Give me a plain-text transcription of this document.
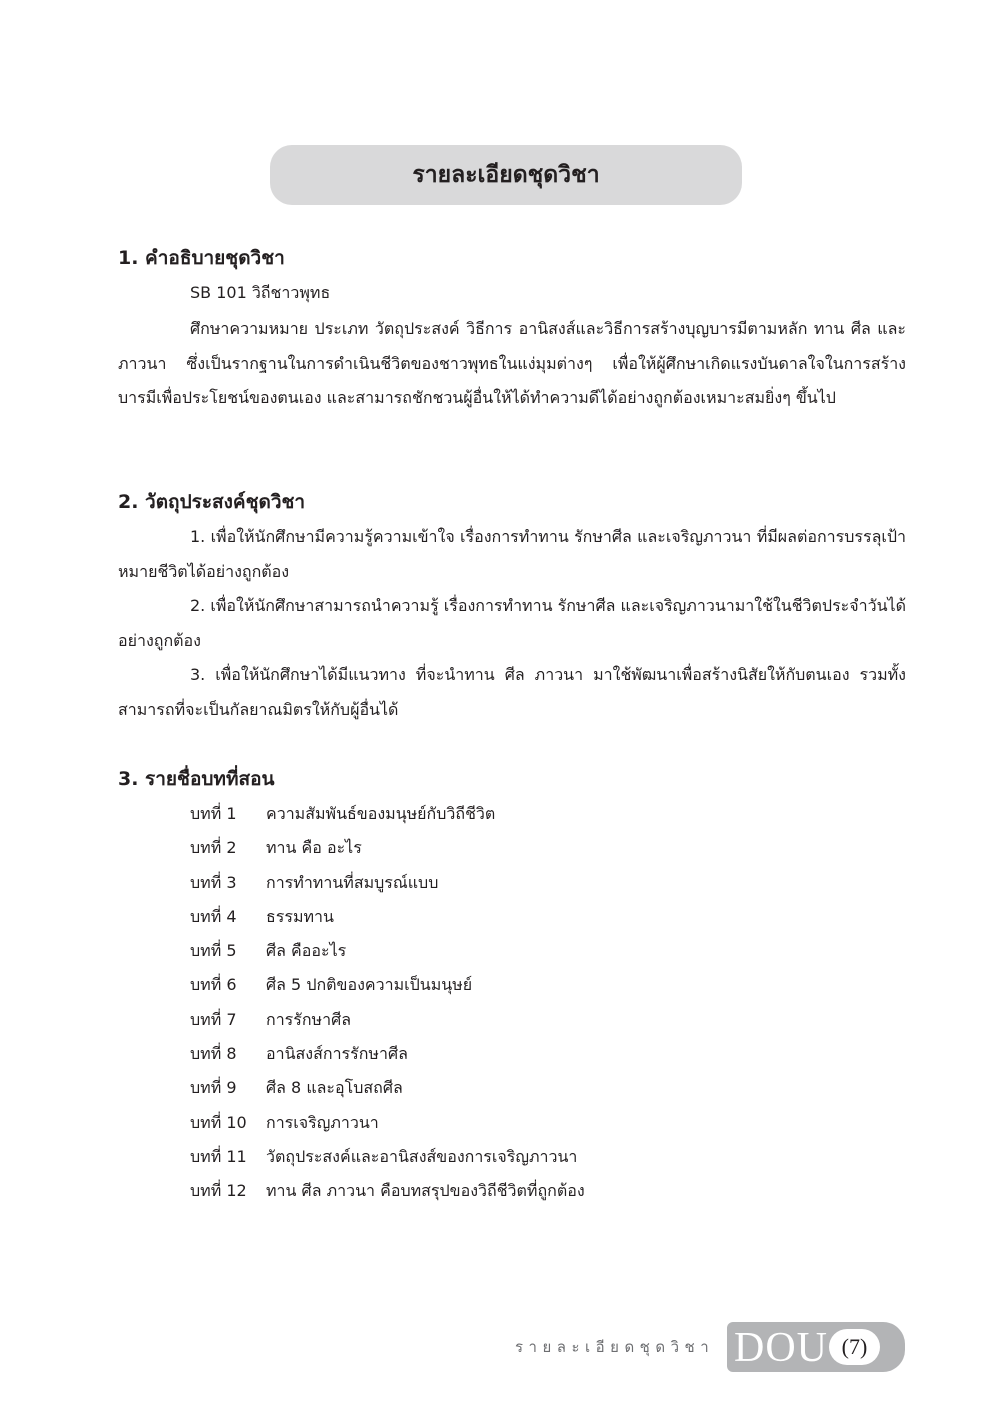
รายละเอียดชุดวิชา
1. คำอธิบายชุดวิชา
SB 101 วิถีชาวพุทธ

ศึกษาความหมาย ประเภท วัตถุประสงค์ วิธีการ อานิสงส์และวิธีการสร้างบุญบารมีตามหลัก ทาน ศีล และภาวนา ซึ่งเป็นรากฐานในการดำเนินชีวิตของชาวพุทธในแง่มุมต่างๆ เพื่อให้ผู้ศึกษาเกิดแรงบันดาลใจในการสร้างบารมีเพื่อประโยชน์ของตนเอง และสามารถชักชวนผู้อื่นให้ได้ทำความดีได้อย่างถูกต้องเหมาะสมยิ่งๆ ขึ้นไป

2. วัตถุประสงค์ชุดวิชา

1. เพื่อให้นักศึกษามีความรู้ความเข้าใจ เรื่องการทำทาน รักษาศีล และเจริญภาวนา ที่มีผลต่อการบรรลุเป้าหมายชีวิตได้อย่างถูกต้อง

2. เพื่อให้นักศึกษาสามารถนำความรู้ เรื่องการทำทาน รักษาศีล และเจริญภาวนามาใช้ในชีวิตประจำวันได้อย่างถูกต้อง

3. เพื่อให้นักศึกษาได้มีแนวทาง ที่จะนำทาน ศีล ภาวนา มาใช้พัฒนาเพื่อสร้างนิสัยให้กับตนเอง รวมทั้งสามารถที่จะเป็นกัลยาณมิตรให้กับผู้อื่นได้

3. รายชื่อบทที่สอน
บทที่ 1 ความสัมพันธ์ของมนุษย์กับวิถีชีวิต
บทที่ 2 ทาน คือ อะไร
บทที่ 3 การทำทานที่สมบูรณ์แบบ
บทที่ 4 ธรรมทาน
บทที่ 5 ศีล คืออะไร
บทที่ 6 ศีล 5 ปกติของความเป็นมนุษย์
บทที่ 7 การรักษาศีล
บทที่ 8 อานิสงส์การรักษาศีล
บทที่ 9 ศีล 8 และอุโบสถศีล
บทที่ 10 การเจริญภาวนา
บทที่ 11 วัตถุประสงค์และอานิสงส์ของการเจริญภาวนา
บทที่ 12 ทาน ศีล ภาวนา คือบทสรุปของวิถีชีวิตที่ถูกต้อง
รายละเอียดชุดวิชา DOU (7)
